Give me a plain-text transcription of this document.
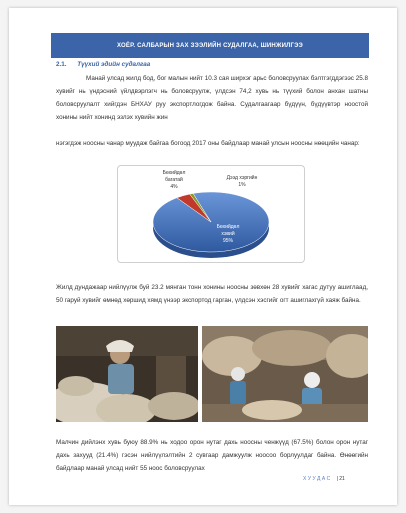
ХОЁР. САЛБАРЫН ЗАХ ЗЭЭЛИЙН СУДАЛГАА, ШИНЖИЛГЭЭ
2.1. Түүхий эдийн судалгаа
Манай улсад жилд бод, бог малын нийт 10.3 сая ширхэг арьс боловсруулах бэлтгэгддэгээс 25.8 хувийг нь үндэсний үйлдвэрлэгч нь боловсруулж, үлдсэн 74,2 хувь нь түүхий болон анхан шатны боловсруулалт хийгдэн БНХАУ руу экспортлогдож байна. Судалгаагаар бүдүүн, бүдүүвтэр ноостой хонины нийт хонинд эзлэх хувийн жин
нэгэгдэж ноосны чанар муудаж байгаа богоод 2017 оны байдлаар манай улсын ноосны нөөцийн чанар:
Бөхийдөл
хэвий
95%
Бөхийдөл
багатай
4%
Дээд хэргийн
1%
Жилд дундажаар нийлүүлж буй 23.2 мянган тонн хонины ноосны зөвхөн 28 хувийг хагас дутуу ашиглаад, 50 гаруй хувийг өмнөд хөршид хямд үнээр экспортод гарган, үлдсэн хэсгийг огт ашиглахгүй хаяж байна.
Малчин дийлэнх хувь буюу 88.9% нь ходоо орон нутаг дахь ноосны ченжүүд (67.5%) болон орон нутаг дахь захууд (21.4%) гэсэн нийлүүлэлтийн 2 сувгаар дамжуулж ноосоо борлуулдаг байна. Өнөөгийн байдлаар манай улсад нийт 55 ноос боловсруулах
ХУУДАС | 21
